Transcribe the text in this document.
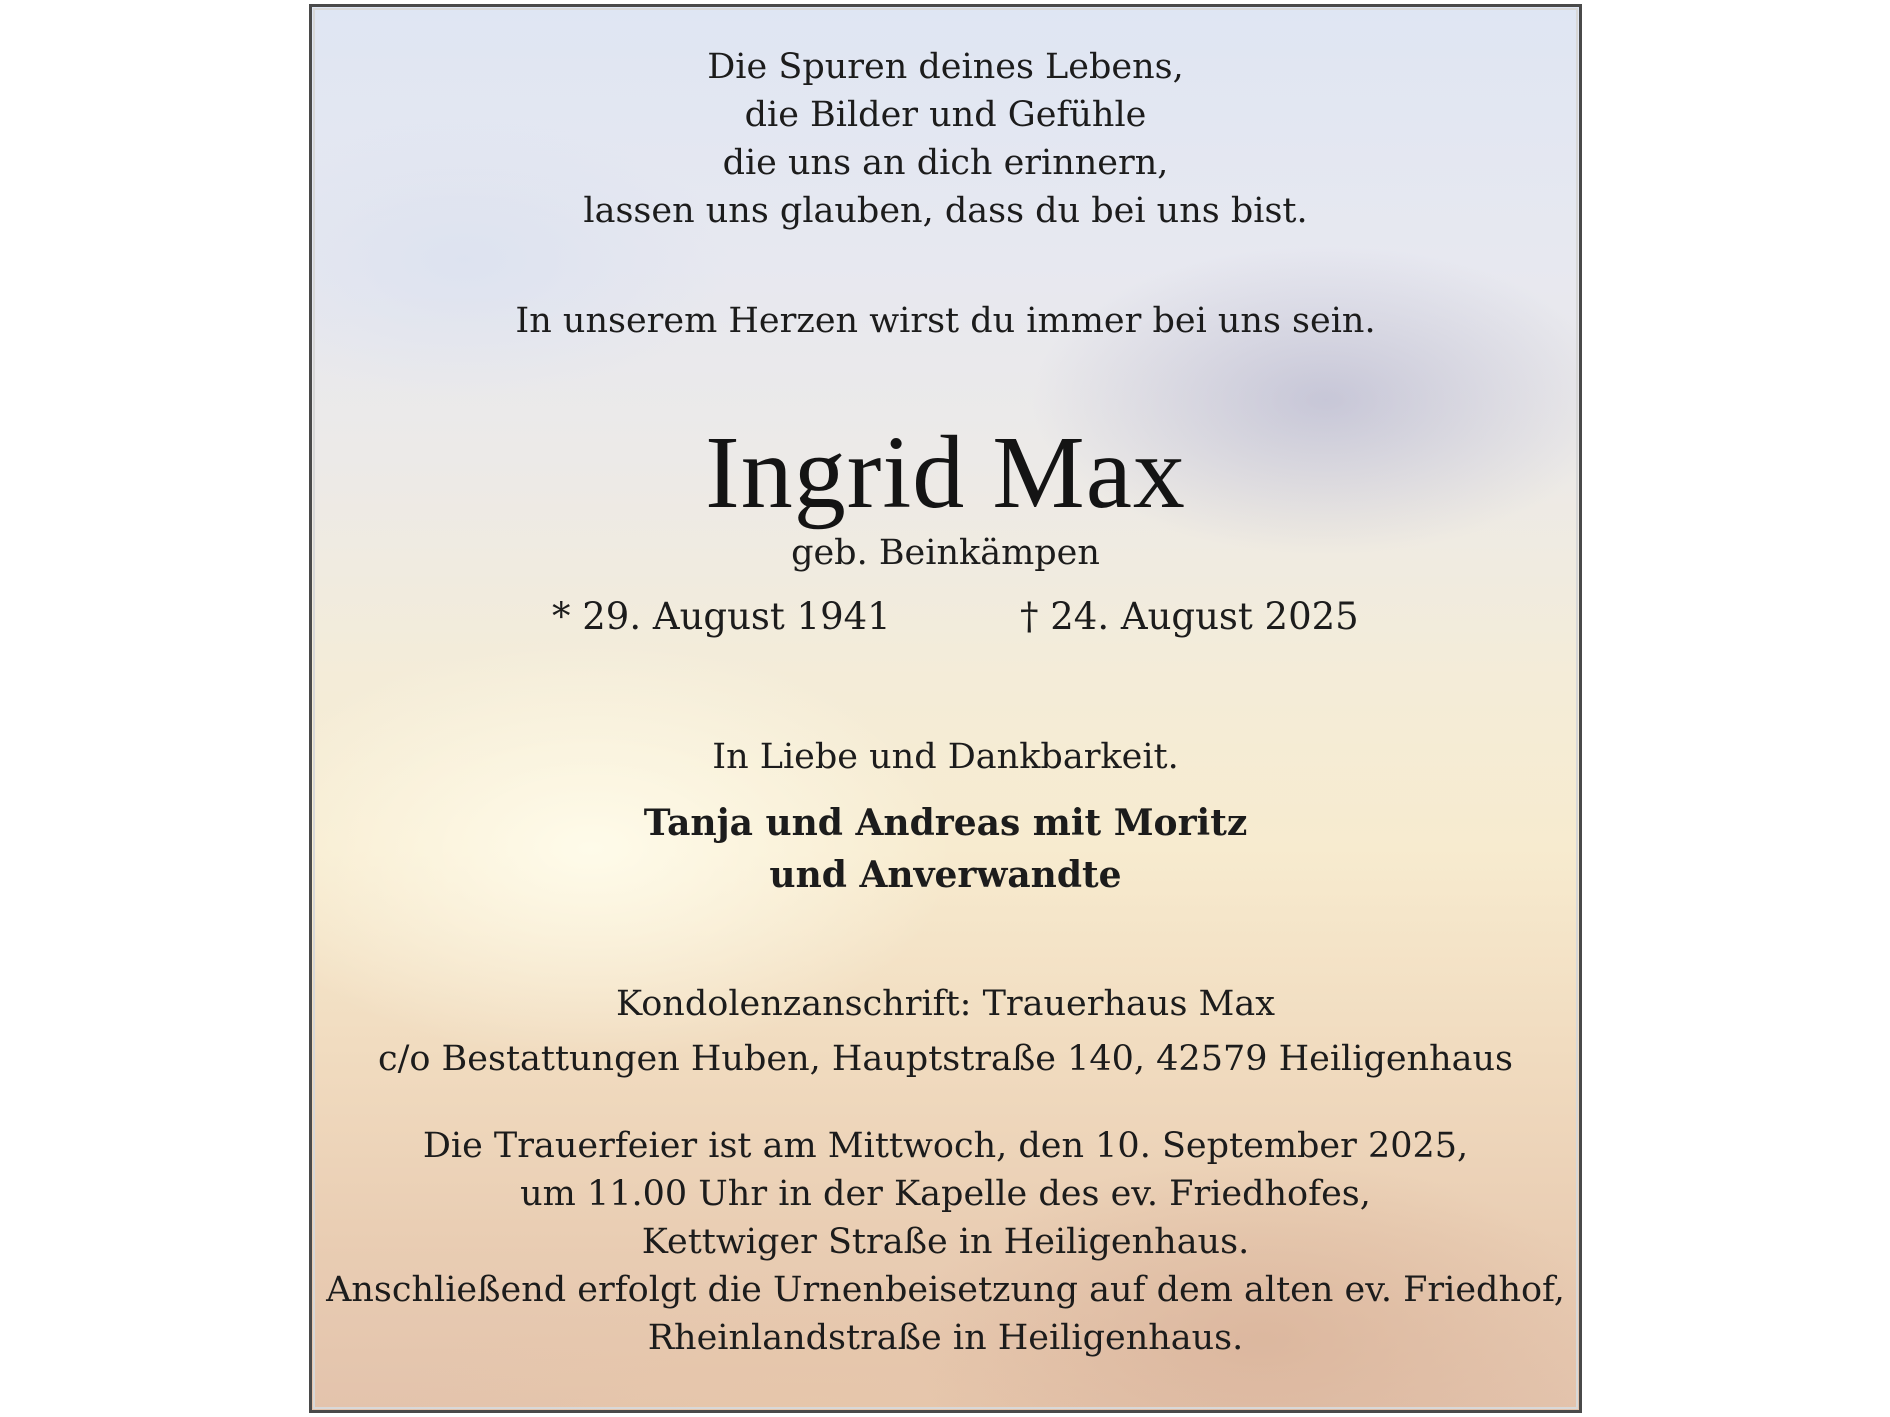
Die Spuren deines Lebens,
die Bilder und Gefühle
die uns an dich erinnern,
lassen uns glauben, dass du bei uns bist.
In unserem Herzen wirst du immer bei uns sein.
Ingrid Max
geb. Beinkämpen
* 29. August 1941	† 24. August 2025
In Liebe und Dankbarkeit.
Tanja und Andreas mit Moritz
und Anverwandte
Kondolenzanschrift: Trauerhaus Max
c/o Bestattungen Huben, Hauptstraße 140, 42579 Heiligenhaus
Die Trauerfeier ist am Mittwoch, den 10. September 2025,
um 11.00 Uhr in der Kapelle des ev. Friedhofes,
Kettwiger Straße in Heiligenhaus.
Anschließend erfolgt die Urnenbeisetzung auf dem alten ev. Friedhof,
Rheinlandstraße in Heiligenhaus.
